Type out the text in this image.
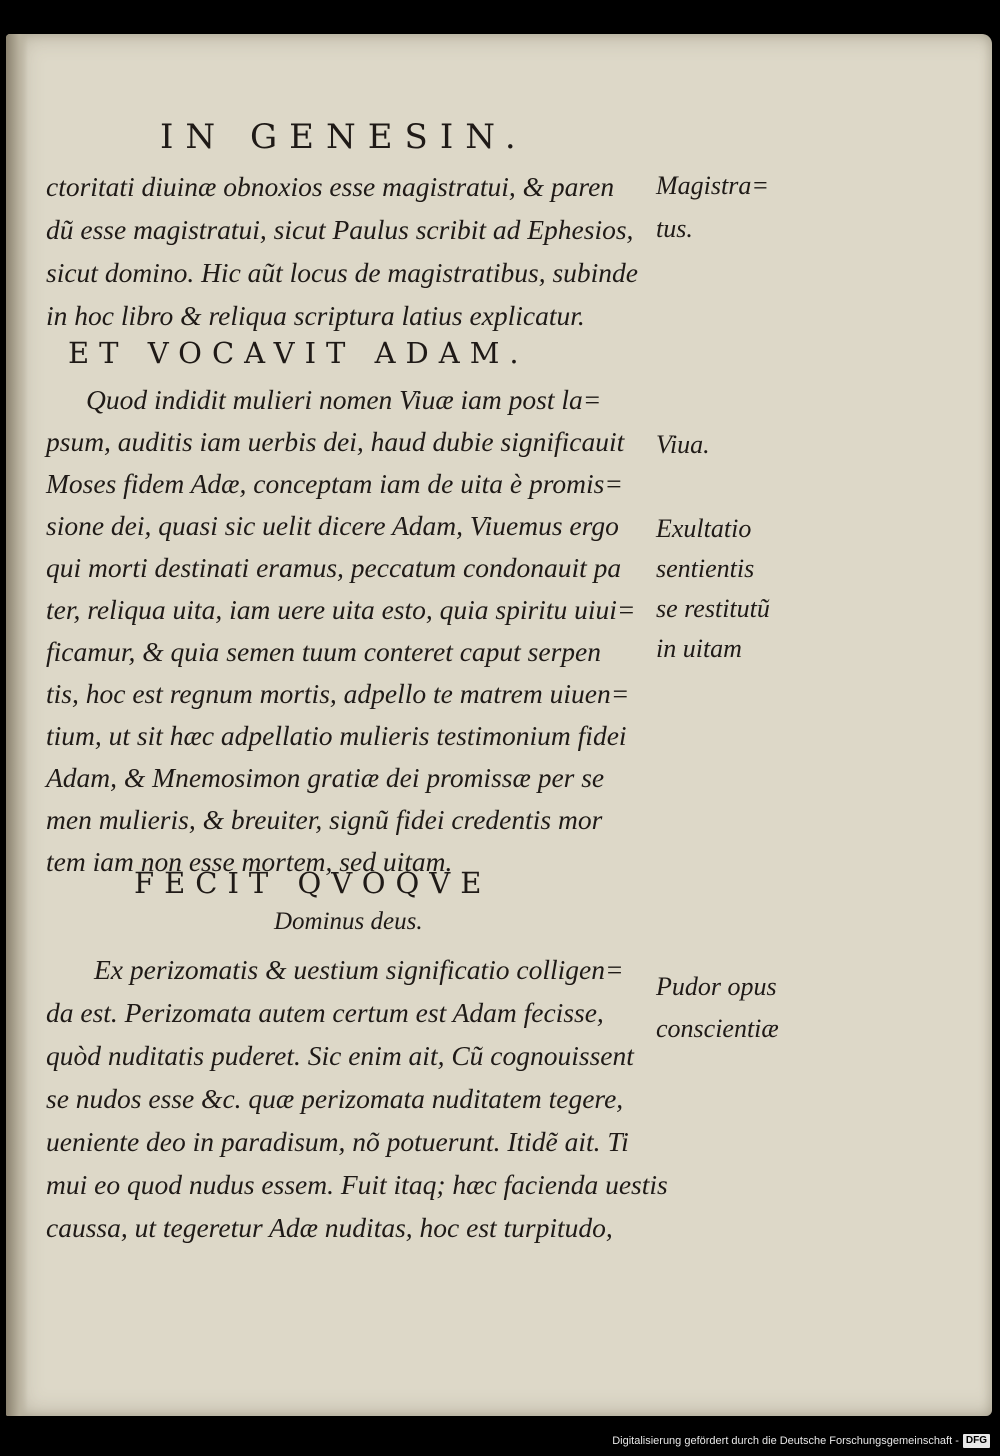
IN GENESIN.
ctoritati diuinæ obnoxios esse magistratui, & paren
dũ esse magistratui, sicut Paulus scribit ad Ephesios,
sicut domino. Hic aũt locus de magistratibus, subinde
in hoc libro & reliqua scriptura latius explicatur.
ET VOCAVIT ADAM.
Quod indidit mulieri nomen Viuæ iam post la=
psum, auditis iam uerbis dei, haud dubie significauit
Moses fidem Adæ, conceptam iam de uita è promis=
sione dei, quasi sic uelit dicere Adam, Viuemus ergo
qui morti destinati eramus, peccatum condonauit pa
ter, reliqua uita, iam uere uita esto, quia spiritu uiui=
ficamur, & quia semen tuum conteret caput serpen
tis, hoc est regnum mortis, adpello te matrem uiuen=
tium, ut sit hæc adpellatio mulieris testimonium fidei
Adam, & Mnemosimon gratiæ dei promissæ per se
men mulieris, & breuiter, signũ fidei credentis mor
tem iam non esse mortem, sed uitam.
FECIT QVOQVE
Dominus deus.
Ex perizomatis & uestium significatio colligen=
da est. Perizomata autem certum est Adam fecisse,
quòd nuditatis puderet. Sic enim ait, Cũ cognouissent
se nudos esse &c. quæ perizomata nuditatem tegere,
ueniente deo in paradisum, nõ potuerunt. Itidẽ ait. Ti
mui eo quod nudus essem. Fuit itaq; hæc facienda uestis
caussa, ut tegeretur Adæ nuditas, hoc est turpitudo,
Magistra=
tus.
Viua.
Exultatio
sentientis
se restitutũ
in uitam
Pudor opus
conscientiæ
Digitalisierung gefördert durch die Deutsche Forschungsgemeinschaft - DFG
